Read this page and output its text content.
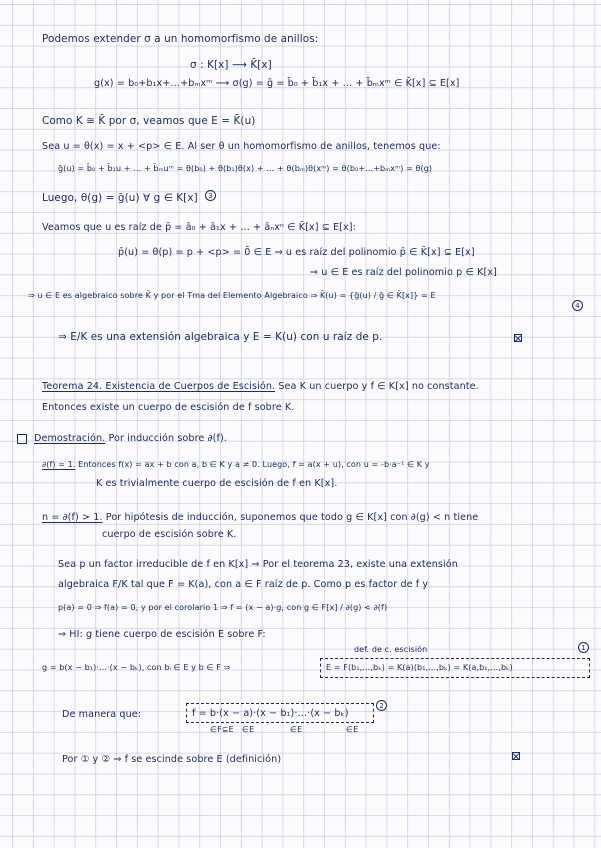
Podemos extender σ a un homomorfismo de anillos:
σ : K[x] ⟶ K̄[x]
g(x) = b₀+b₁x+…+bₘxᵐ ⟶ σ(g) = ḡ = b̄₀ + b̄₁x + … + b̄ₘxᵐ ∈ K̄[x] ⊆ E[x]
Como K ≅ K̄ por σ, veamos que E = K̄(u)
Sea u = θ(x) = x + <p> ∈ E. Al ser θ un homomorfismo de anillos, tenemos que:
ḡ(u) = b̄₀ + b̄₁u + … + b̄ₘuᵐ = θ(b₀) + θ(b₁)θ(x) + … + θ(bₘ)θ(xᵐ) = θ(b₀+…+bₘxᵐ) = θ(g)
Luego, θ(g) = ḡ(u) ∀ g ∈ K[x]	3
Veamos que u es raíz de p̄ = ā₀ + ā₁x + … + āₙxⁿ ∈ K̄[x] ⊆ E[x]:
p̄(u) = θ(p) = p + <p> = 0̄ ∈ E ⇒ u es raíz del polinomio p̄ ∈ K̄[x] ⊆ E[x]
⇒ u ∈ E es raíz del polinomio p ∈ K[x]
⇒ u ∈ E es algebraico sobre K̄ y por el Tma del Elemento Algebraico ⇒ K̄(u) = {ḡ(u) / ḡ ∈ K̄[x]} = E
4
⇒ E/K es una extensión algebraica y E = K(u) con u raíz de p.
Teorema 24. Existencia de Cuerpos de Escisión. Sea K un cuerpo y f ∈ K[x] no constante.
Entonces existe un cuerpo de escisión de f sobre K.
Demostración. Por inducción sobre ∂(f).
∂(f) = 1. Entonces f(x) = ax + b con a, b ∈ K y a ≠ 0. Luego, f = a(x + u), con u = -b·a⁻¹ ∈ K y
K es trivialmente cuerpo de escisión de f en K[x].
n = ∂(f) > 1. Por hipótesis de inducción, suponemos que todo g ∈ K[x] con ∂(g) < n tiene
cuerpo de escisión sobre K.
Sea p un factor irreducible de f en K[x] ⇒ Por el teorema 23, existe una extensión
algebraica F/K tal que F = K(a), con a ∈ F raíz de p. Como p es factor de f y
p(a) = 0 ⇒ f(a) = 0, y por el corolario 1 ⇒ f = (x − a)·g, con g ∈ F[x] / ∂(g) < ∂(f)
⇒ HI: g tiene cuerpo de escisión E sobre F:
def. de c. escisión	1
g = b(x − b₁)·…·(x − bₖ), con bᵢ ∈ E y b ∈ F ⇒	E = F(b₁,…,bₖ) = K(a)(b₁,…,bₖ) = K(a,b₁,…,bₖ)
De manera que:	f = b·(x − a)·(x − b₁)·…·(x − bₖ)
2
∈F⊆E ∈E	∈E	∈E
Por ① y ② ⇒ f se escinde sobre E (definición)
